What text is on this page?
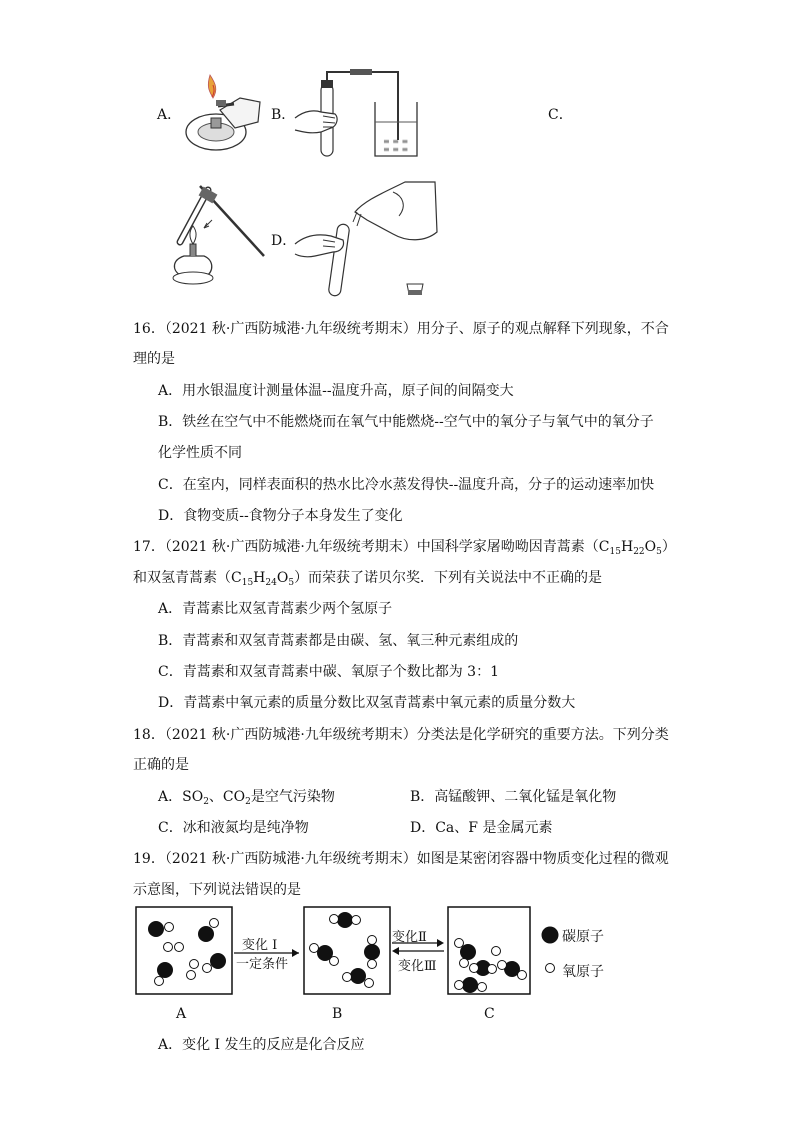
A．	B．
≡ ≡ ≡
≡ ≡ ≡
C．
D．
16．（2021 秋·广西防城港·九年级统考期末）用分子、原子的观点解释下列现象，不合
理的是
A．用水银温度计测量体温--温度升高，原子间的间隔变大
B．铁丝在空气中不能燃烧而在氧气中能燃烧--空气中的氧分子与氧气中的氧分子
化学性质不同
C．在室内，同样表面积的热水比冷水蒸发得快--温度升高，分子的运动速率加快
D．食物变质--食物分子本身发生了变化
17．（2021 秋·广西防城港·九年级统考期末）中国科学家屠呦呦因青蒿素$(C_{15}H_{22}O_5)$
和双氢青蒿素$(C_{15}H_{24}O_5)$而荣获了诺贝尔奖．下列有关说法中不正确的是
A．青蒿素比双氢青蒿素少两个氢原子
B．青蒿素和双氢青蒿素都是由碳、氢、氧三种元素组成的
C．青蒿素和双氢青蒿素中碳、氧原子个数比都为 3：1
D．青蒿素中氧元素的质量分数比双氢青蒿素中氧元素的质量分数大
18．（2021 秋·广西防城港·九年级统考期末）分类法是化学研究的重要方法。下列分类
正确的是
A．$SO_2$、$CO_2$是空气污染物	B．高锰酸钾、二氧化锰是氧化物
C．冰和液氮均是纯净物	D．Ca、F 是金属元素
19．（2021 秋·广西防城港·九年级统考期末）如图是某密闭容器中物质变化过程的微观
示意图，下列说法错误的是
变化 I
一定条件
变化Ⅱ
变化Ⅲ
碳原子
氧原子
A	B	C
A．变化 I 发生的反应是化合反应
